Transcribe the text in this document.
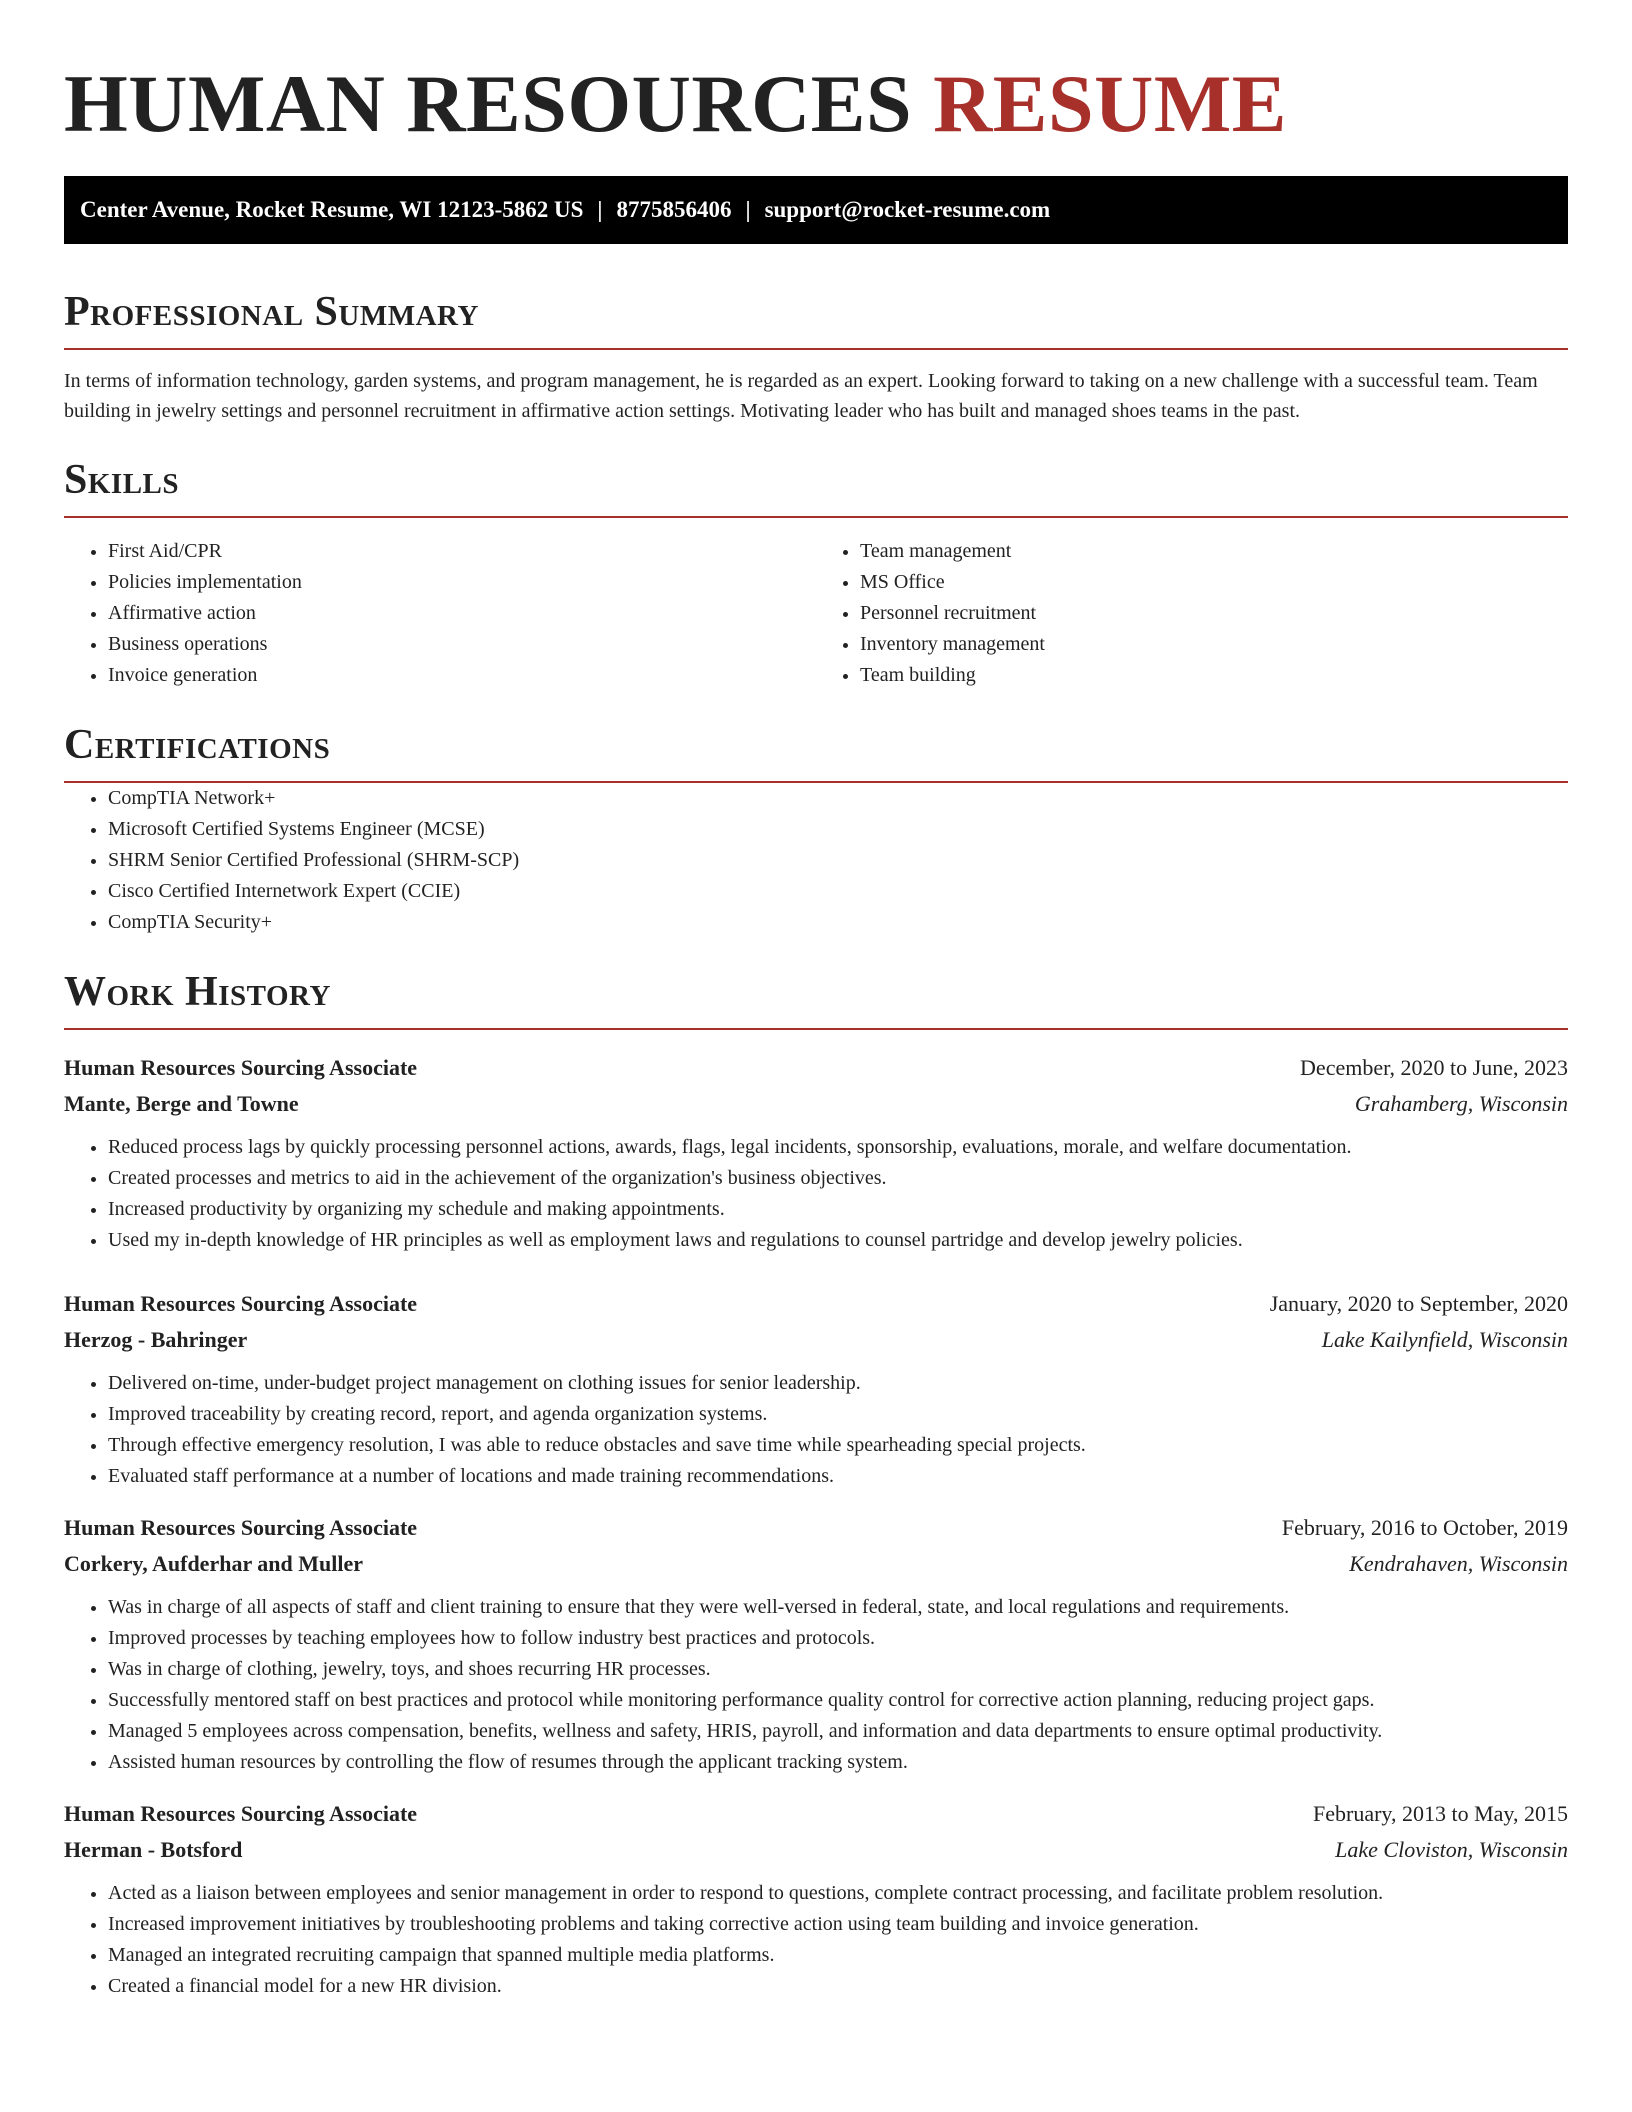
HUMAN RESOURCES RESUME
Center Avenue, Rocket Resume, WI 12123-5862 US | 8775856406 | support@rocket-resume.com
Professional Summary

In terms of information technology, garden systems, and program management, he is regarded as an expert. Looking forward to taking on a new challenge with a successful team. Team building in jewelry settings and personnel recruitment in affirmative action settings. Motivating leader who has built and managed shoes teams in the past.

Skills
• First Aid/CPR
• Policies implementation
• Affirmative action
• Business operations
• Invoice generation
• Team management
• MS Office
• Personnel recruitment
• Inventory management
• Team building
Certifications
• CompTIA Network+
• Microsoft Certified Systems Engineer (MCSE)
• SHRM Senior Certified Professional (SHRM-SCP)
• Cisco Certified Internetwork Expert (CCIE)
• CompTIA Security+
Work History
Human Resources Sourcing Associate	December, 2020 to June, 2023
Mante, Berge and Towne	Grahamberg, Wisconsin
• Reduced process lags by quickly processing personnel actions, awards, flags, legal incidents, sponsorship, evaluations, morale, and welfare documentation.
• Created processes and metrics to aid in the achievement of the organization's business objectives.
• Increased productivity by organizing my schedule and making appointments.
• Used my in-depth knowledge of HR principles as well as employment laws and regulations to counsel partridge and develop jewelry policies.
Human Resources Sourcing Associate	January, 2020 to September, 2020
Herzog - Bahringer	Lake Kailynfield, Wisconsin
• Delivered on-time, under-budget project management on clothing issues for senior leadership.
• Improved traceability by creating record, report, and agenda organization systems.
• Through effective emergency resolution, I was able to reduce obstacles and save time while spearheading special projects.
• Evaluated staff performance at a number of locations and made training recommendations.
Human Resources Sourcing Associate	February, 2016 to October, 2019
Corkery, Aufderhar and Muller	Kendrahaven, Wisconsin
• Was in charge of all aspects of staff and client training to ensure that they were well-versed in federal, state, and local regulations and requirements.
• Improved processes by teaching employees how to follow industry best practices and protocols.
• Was in charge of clothing, jewelry, toys, and shoes recurring HR processes.
• Successfully mentored staff on best practices and protocol while monitoring performance quality control for corrective action planning, reducing project gaps.
• Managed 5 employees across compensation, benefits, wellness and safety, HRIS, payroll, and information and data departments to ensure optimal productivity.
• Assisted human resources by controlling the flow of resumes through the applicant tracking system.
Human Resources Sourcing Associate	February, 2013 to May, 2015
Herman - Botsford	Lake Cloviston, Wisconsin
• Acted as a liaison between employees and senior management in order to respond to questions, complete contract processing, and facilitate problem resolution.
• Increased improvement initiatives by troubleshooting problems and taking corrective action using team building and invoice generation.
• Managed an integrated recruiting campaign that spanned multiple media platforms.
• Created a financial model for a new HR division.
